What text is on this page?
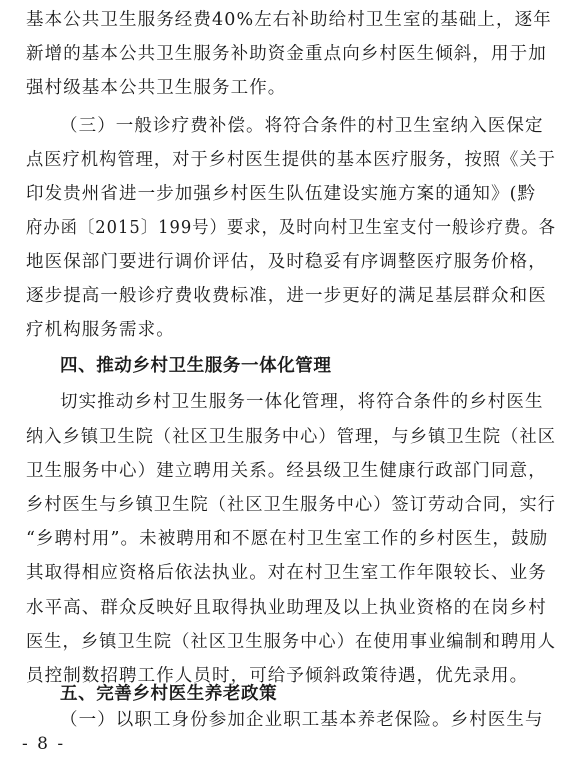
基本公共卫生服务经费40%左右补助给村卫生室的基础上，逐年
新增的基本公共卫生服务补助资金重点向乡村医生倾斜，用于加
强村级基本公共卫生服务工作。
（三）一般诊疗费补偿。将符合条件的村卫生室纳入医保定
点医疗机构管理，对于乡村医生提供的基本医疗服务，按照《关于
印发贵州省进一步加强乡村医生队伍建设实施方案的通知》(黔
府办函〔2015〕199号）要求，及时向村卫生室支付一般诊疗费。各
地医保部门要进行调价评估，及时稳妥有序调整医疗服务价格，
逐步提高一般诊疗费收费标准，进一步更好的满足基层群众和医
疗机构服务需求。
四、推动乡村卫生服务一体化管理
切实推动乡村卫生服务一体化管理，将符合条件的乡村医生
纳入乡镇卫生院（社区卫生服务中心）管理，与乡镇卫生院（社区
卫生服务中心）建立聘用关系。经县级卫生健康行政部门同意，
乡村医生与乡镇卫生院（社区卫生服务中心）签订劳动合同，实行
“乡聘村用”。未被聘用和不愿在村卫生室工作的乡村医生，鼓励
其取得相应资格后依法执业。对在村卫生室工作年限较长、业务
水平高、群众反映好且取得执业助理及以上执业资格的在岗乡村
医生，乡镇卫生院（社区卫生服务中心）在使用事业编制和聘用人
员控制数招聘工作人员时，可给予倾斜政策待遇，优先录用。
五、完善乡村医生养老政策
- 8 -
（一）以职工身份参加企业职工基本养老保险。乡村医生与
